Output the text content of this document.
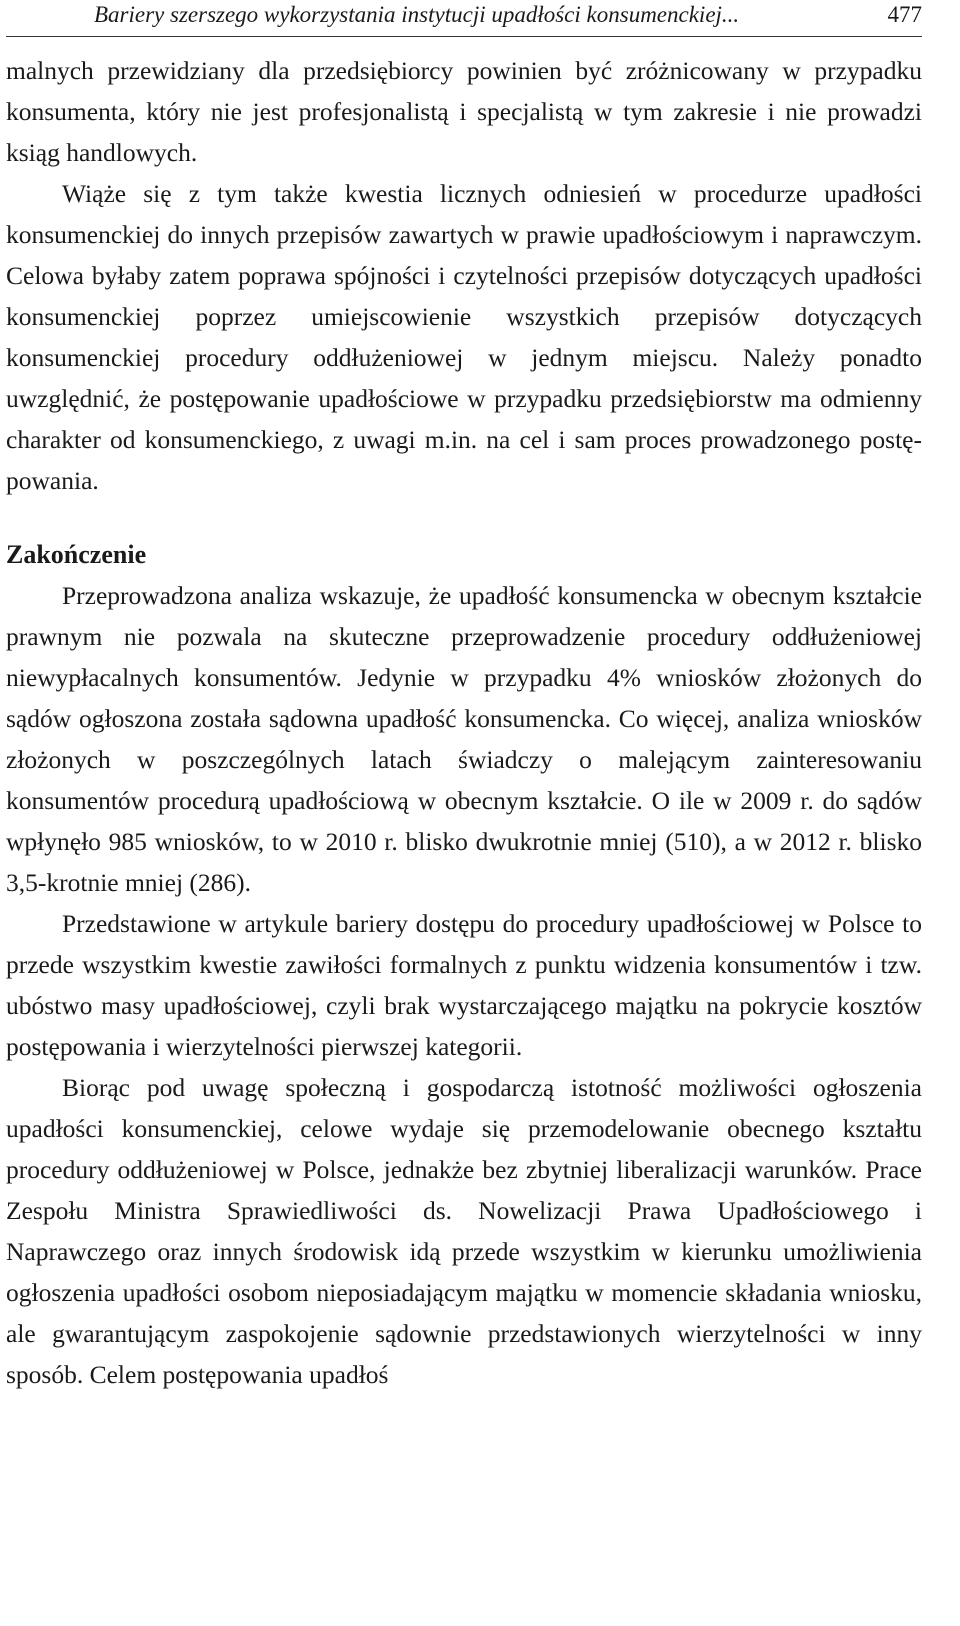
Bariery szerszego wykorzystania instytucji upadłości konsumenckiej...	477

malnych przewidziany dla przedsiębiorcy powinien być zróżnicowany w przypadku konsumenta, który nie jest profesjonalistą i specjalistą w tym zakresie i nie prowadzi ksiąg handlowych.

Wiąże się z tym także kwestia licznych odniesień w procedurze upadłości konsumenckiej do innych przepisów zawartych w prawie upadłościowym i naprawczym. Celowa byłaby zatem poprawa spójności i czytelności przepisów dotyczących upadłości konsumenckiej poprzez umiejscowienie wszystkich przepisów dotyczących konsumenckiej procedury oddłużeniowej w jednym miejscu. Należy ponadto uwzględnić, że postępowanie upadłościowe w przypadku przedsiębiorstw ma odmienny charakter od konsumenckiego, z uwagi m.in. na cel i sam proces prowadzonego postępowania.

Zakończenie

Przeprowadzona analiza wskazuje, że upadłość konsumencka w obecnym kształcie prawnym nie pozwala na skuteczne przeprowadzenie procedury oddłużeniowej niewypłacalnych konsumentów. Jedynie w przypadku 4% wniosków złożonych do sądów ogłoszona została sądowna upadłość konsumencka. Co więcej, analiza wniosków złożonych w poszczególnych latach świadczy o malejącym zainteresowaniu konsumentów procedurą upadłościową w obecnym kształcie. O ile w 2009 r. do sądów wpłynęło 985 wniosków, to w 2010 r. blisko dwukrotnie mniej (510), a w 2012 r. blisko 3,5-krotnie mniej (286).

Przedstawione w artykule bariery dostępu do procedury upadłościowej w Polsce to przede wszystkim kwestie zawiłości formalnych z punktu widzenia konsumentów i tzw. ubóstwo masy upadłościowej, czyli brak wystarczającego majątku na pokrycie kosztów postępowania i wierzytelności pierwszej kategorii.

Biorąc pod uwagę społeczną i gospodarczą istotność możliwości ogłoszenia upadłości konsumenckiej, celowe wydaje się przemodelowanie obecnego kształtu procedury oddłużeniowej w Polsce, jednakże bez zbytniej liberalizacji warunków. Prace Zespołu Ministra Sprawiedliwości ds. Nowelizacji Prawa Upadłościowego i Naprawczego oraz innych środowisk idą przede wszystkim w kierunku umożliwienia ogłoszenia upadłości osobom nieposiadającym majątku w momencie składania wniosku, ale gwarantującym zaspokojenie sądownie przedstawionych wierzytelności w inny sposób. Celem postępowania upadłoś
